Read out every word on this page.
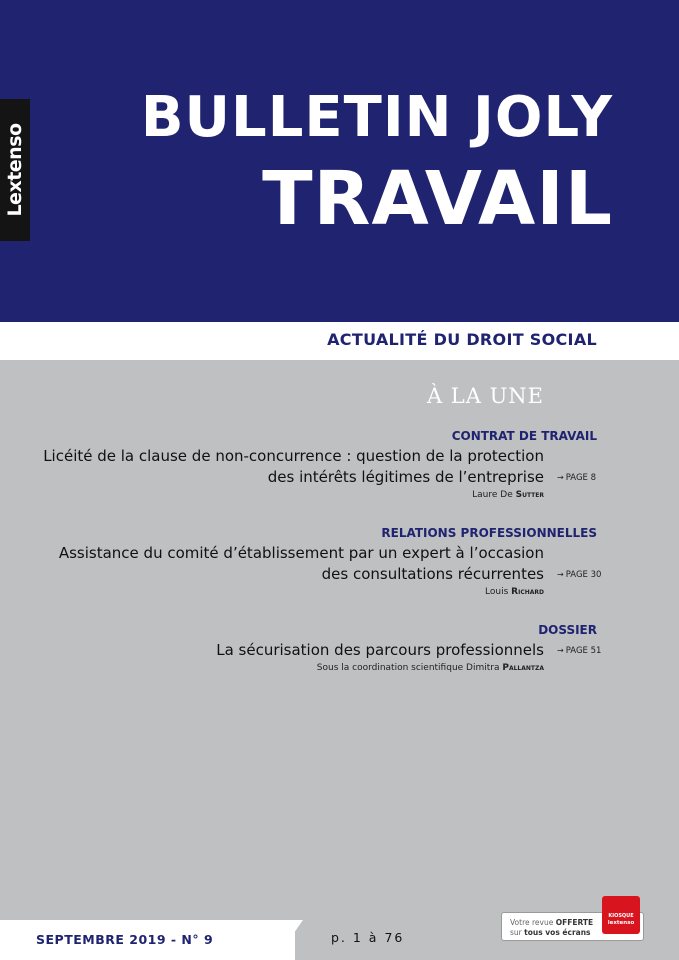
Lextenso
BULLETIN JOLY
TRAVAIL
ACTUALITÉ DU DROIT SOCIAL
À LA UNE
CONTRAT DE TRAVAIL
Licéité de la clause de non-concurrence : question de la protection
des intérêts légitimes de l’entreprise → PAGE 8
Laure De Sutter
RELATIONS PROFESSIONNELLES
Assistance du comité d’établissement par un expert à l’occasion
des consultations récurrentes → PAGE 30
Louis Richard
DOSSIER
La sécurisation des parcours professionnels → PAGE 51
Sous la coordination scientifique Dimitra Pallantza
SEPTEMBRE 2019 - N° 9	p. 1 à 76
Votre revue OFFERTE
sur tous vos écrans
KIOSQUE
lextenso
